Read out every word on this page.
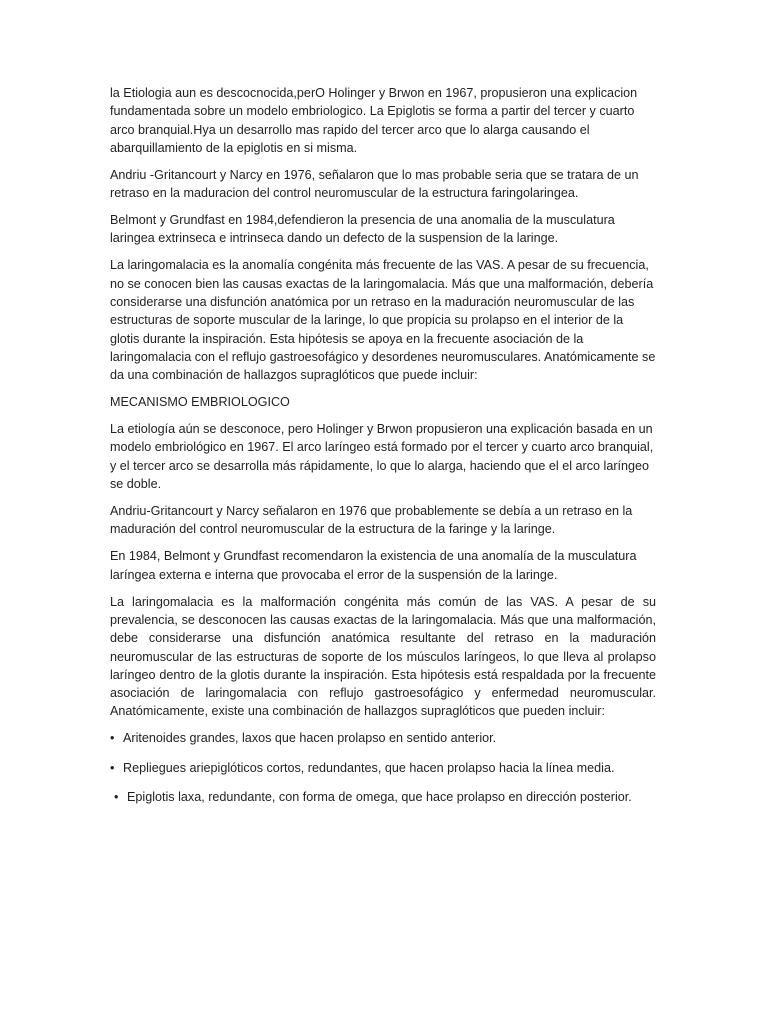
la Etiologia aun es descocnocida,perO Holinger y Brwon en 1967, propusieron una explicacion fundamentada sobre un modelo embriologico. La Epiglotis se forma a partir del tercer y cuarto arco branquial.Hya un desarrollo mas rapido del tercer arco que lo alarga causando el abarquillamiento de la epiglotis en si misma.

Andriu -Gritancourt y Narcy en 1976, señalaron que lo mas probable seria que se tratara de un retraso en la maduracion del control neuromuscular de la estructura faringolaringea.

Belmont y Grundfast en 1984,defendieron la presencia de una anomalia de la musculatura laringea extrinseca e intrinseca dando un defecto de la suspension de la laringe.

La laringomalacia es la anomalía congénita más frecuente de las VAS. A pesar de su frecuencia, no se conocen bien las causas exactas de la laringomalacia. Más que una malformación, debería considerarse una disfunción anatómica por un retraso en la maduración neuromuscular de las estructuras de soporte muscular de la laringe, lo que propicia su prolapso en el interior de la glotis durante la inspiración. Esta hipótesis se apoya en la frecuente asociación de la laringomalacia con el reflujo gastroesofágico y desordenes neuromusculares. Anatómicamente se da una combinación de hallazgos supraglóticos que puede incluir:

MECANISMO EMBRIOLOGICO

La etiología aún se desconoce, pero Holinger y Brwon propusieron una explicación basada en un modelo embriológico en 1967. El arco laríngeo está formado por el tercer y cuarto arco branquial, y el tercer arco se desarrolla más rápidamente, lo que lo alarga, haciendo que el el arco laríngeo se doble.

Andriu-Gritancourt y Narcy señalaron en 1976 que probablemente se debía a un retraso en la maduración del control neuromuscular de la estructura de la faringe y la laringe.

En 1984, Belmont y Grundfast recomendaron la existencia de una anomalía de la musculatura laríngea externa e interna que provocaba el error de la suspensión de la laringe.

La laringomalacia es la malformación congénita más común de las VAS. A pesar de su prevalencia, se desconocen las causas exactas de la laringomalacia. Más que una malformación, debe considerarse una disfunción anatómica resultante del retraso en la maduración neuromuscular de las estructuras de soporte de los músculos laríngeos, lo que lleva al prolapso laríngeo dentro de la glotis durante la inspiración. Esta hipótesis está respaldada por la frecuente asociación de laringomalacia con reflujo gastroesofágico y enfermedad neuromuscular. Anatómicamente, existe una combinación de hallazgos supraglóticos que pueden incluir:

• Aritenoides grandes, laxos que hacen prolapso en sentido anterior.
• Repliegues ariepiglóticos cortos, redundantes, que hacen prolapso hacia la línea media.
• Epiglotis laxa, redundante, con forma de omega, que hace prolapso en dirección posterior.
